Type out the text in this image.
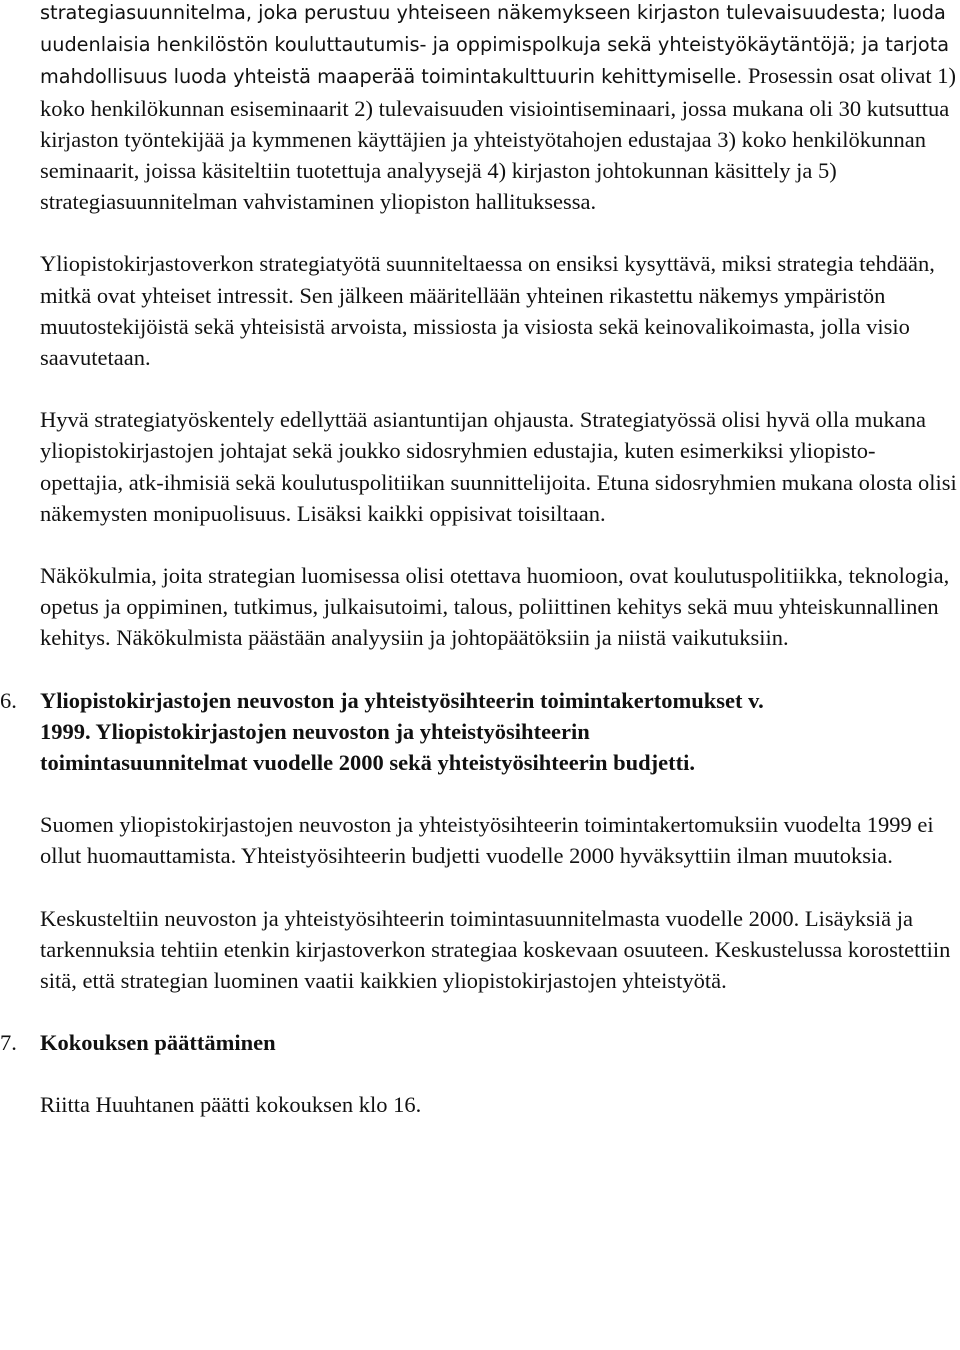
strategiasuunnitelma, joka perustuu yhteiseen näkemykseen kirjaston tulevaisuudesta; luoda uudenlaisia henkilöstön kouluttautumis- ja oppimispolkuja sekä yhteistyökäytäntöjä; ja tarjota mahdollisuus luoda yhteistä maaperää toimintakulttuurin kehittymiselle. Prosessin osat olivat 1) koko henkilökunnan esiseminaarit 2) tulevaisuuden visiointiseminaari, jossa mukana oli 30 kutsuttua kirjaston työntekijää ja kymmenen käyttäjien ja yhteistyötahojen edustajaa 3) koko henkilökunnan seminaarit, joissa käsiteltiin tuotettuja analyysejä 4) kirjaston johtokunnan käsittely ja 5) strategiasuunnitelman vahvistaminen yliopiston hallituksessa.

Yliopistokirjastoverkon strategiatyötä suunniteltaessa on ensiksi kysyttävä, miksi strategia tehdään, mitkä ovat yhteiset intressit. Sen jälkeen määritellään yhteinen rikastettu näkemys ympäristön muutostekijöistä sekä yhteisistä arvoista, missiosta ja visiosta sekä keinovalikoimasta, jolla visio saavutetaan.

Hyvä strategiatyöskentely edellyttää asiantuntijan ohjausta. Strategiatyössä olisi hyvä olla mukana yliopistokirjastojen johtajat sekä joukko sidosryhmien edustajia, kuten esimerkiksi yliopisto-opettajia, atk-ihmisiä sekä koulutuspolitiikan suunnittelijoita. Etuna sidosryhmien mukana olosta olisi näkemysten monipuolisuus. Lisäksi kaikki oppisivat toisiltaan.

Näkökulmia, joita strategian luomisessa olisi otettava huomioon, ovat koulutuspolitiikka, teknologia, opetus ja oppiminen, tutkimus, julkaisutoimi, talous, poliittinen kehitys sekä muu yhteiskunnallinen kehitys. Näkökulmista päästään analyysiin ja johtopäätöksiin ja niistä vaikutuksiin.

6.	Yliopistokirjastojen neuvoston ja yhteistyösihteerin toimintakertomukset v.
1999. Yliopistokirjastojen neuvoston ja yhteistyösihteerin
toimintasuunnitelmat vuodelle 2000 sekä yhteistyösihteerin budjetti.

Suomen yliopistokirjastojen neuvoston ja yhteistyösihteerin toimintakertomuksiin vuodelta 1999 ei ollut huomauttamista. Yhteistyösihteerin budjetti vuodelle 2000 hyväksyttiin ilman muutoksia.

Keskusteltiin neuvoston ja yhteistyösihteerin toimintasuunnitelmasta vuodelle 2000. Lisäyksiä ja tarkennuksia tehtiin etenkin kirjastoverkon strategiaa koskevaan osuuteen. Keskustelussa korostettiin sitä, että strategian luominen vaatii kaikkien yliopistokirjastojen yhteistyötä.

7.	Kokouksen päättäminen

Riitta Huuhtanen päätti kokouksen klo 16.
